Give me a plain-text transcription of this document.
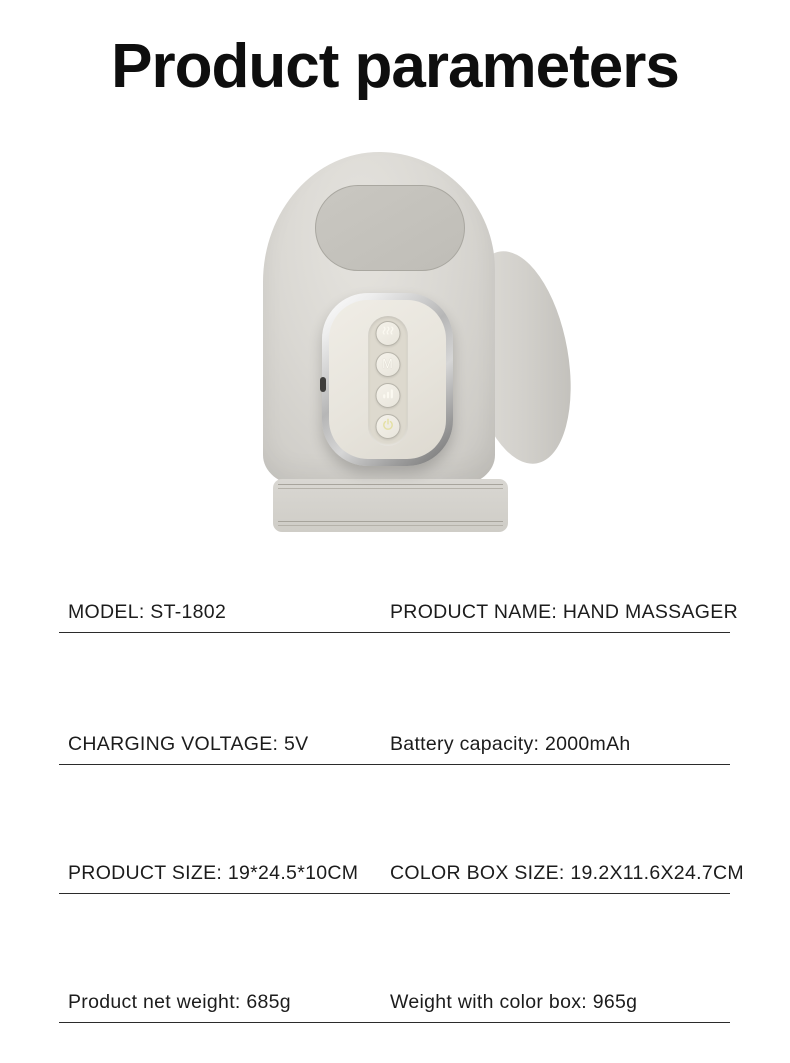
Product parameters
M
MODEL: ST-1802	PRODUCT NAME: HAND MASSAGER
CHARGING VOLTAGE: 5V	Battery capacity: 2000mAh
PRODUCT SIZE: 19*24.5*10CM	COLOR BOX SIZE: 19.2X11.6X24.7CM
Product net weight: 685g	Weight with color box: 965g
